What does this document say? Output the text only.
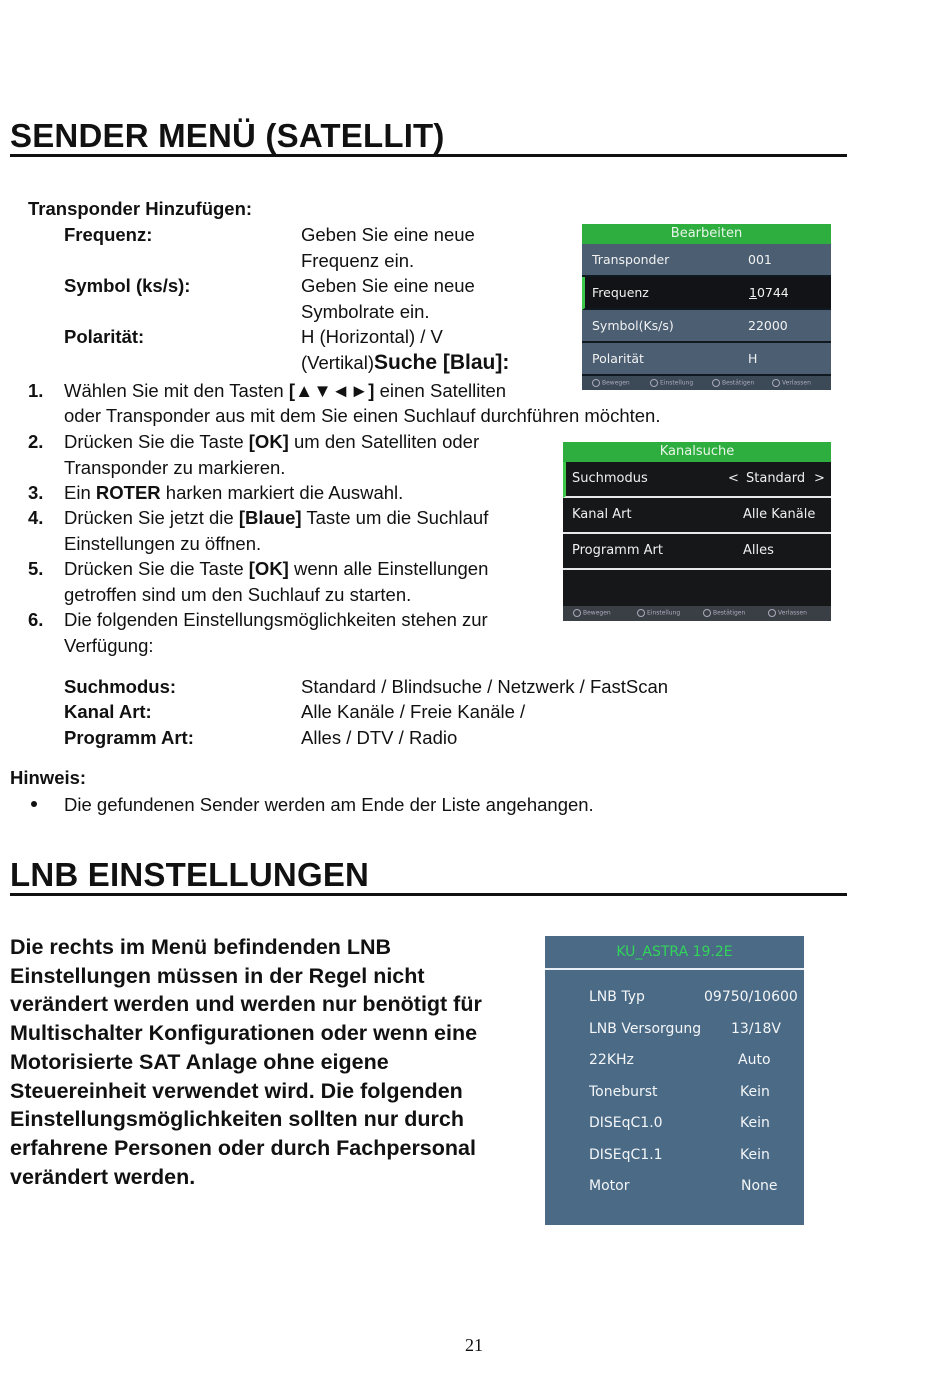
SENDER MENÜ (SATELLIT)
Transponder Hinzufügen:
Frequenz:	Geben Sie eine neue
Frequenz ein.
Symbol (ks/s):	Geben Sie eine neue
Symbolrate ein.
Polarität:	H (Horizontal) / V
(Vertikal)Suche [Blau]:
1. Wählen Sie mit den Tasten [▲▼◄►] einen Satelliten
oder Transponder aus mit dem Sie einen Suchlauf durchführen möchten.
2. Drücken Sie die Taste [OK] um den Satelliten oder
Transponder zu markieren.
3. Ein ROTER harken markiert die Auswahl.
4. Drücken Sie jetzt die [Blaue] Taste um die Suchlauf
Einstellungen zu öffnen.
5. Drücken Sie die Taste [OK] wenn alle Einstellungen
getroffen sind um den Suchlauf zu starten.
6. Die folgenden Einstellungsmöglichkeiten stehen zur
Verfügung:
Suchmodus:	Standard / Blindsuche / Netzwerk / FastScan
Kanal Art:	Alle Kanäle / Freie Kanäle /
Programm Art:	Alles / DTV / Radio
Hinweis:
Die gefundenen Sender werden am Ende der Liste angehangen.
Bearbeiten
Transponder	001
Frequenz	10744
Symbol(Ks/s)	22000
Polarität	H
Bewegen	Einstellung	Bestätigen	Verlassen
Kanalsuche
Suchmodus	< Standard >
Kanal Art	Alle Kanäle
Programm Art	Alles
Bewegen	Einstellung	Bestätigen	Verlassen
LNB EINSTELLUNGEN
Die rechts im Menü befindenden LNB
Einstellungen müssen in der Regel nicht
verändert werden und werden nur benötigt für
Multischalter Konfigurationen oder wenn eine
Motorisierte SAT Anlage ohne eigene
Steuereinheit verwendet wird. Die folgenden
Einstellungsmöglichkeiten sollten nur durch
erfahrene Personen oder durch Fachpersonal
verändert werden.
KU_ASTRA 19.2E
LNB Typ	09750/10600
LNB Versorgung 13/18V
22KHz	Auto
Toneburst	Kein
DISEqC1.0	Kein
DISEqC1.1	Kein
Motor	None
21
